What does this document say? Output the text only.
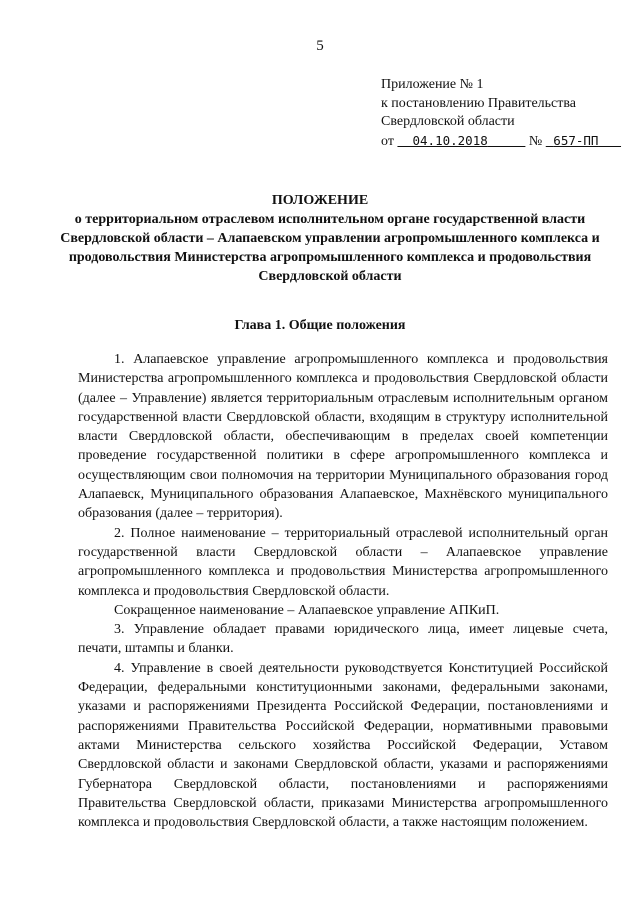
5
Приложение № 1
к постановлению Правительства
Свердловской области
от 04.10.2018	№ 657-ПП
ПОЛОЖЕНИЕ
о территориальном отраслевом исполнительном органе государственной власти Свердловской области – Алапаевском управлении агропромышленного комплекса и продовольствия Министерства агропромышленного комплекса и продовольствия Свердловской области
Глава 1. Общие положения

1. Алапаевское управление агропромышленного комплекса и продовольствия Министерства агропромышленного комплекса и продовольствия Свердловской области (далее – Управление) является территориальным отраслевым исполнительным органом государственной власти Свердловской области, входящим в структуру исполнительной власти Свердловской области, обеспечивающим в пределах своей компетенции проведение государственной политики в сфере агропромышленного комплекса и осуществляющим свои полномочия на территории Муниципального образования город Алапаевск, Муниципального образования Алапаевское, Махнёвского муниципального образования (далее – территория).

2. Полное наименование – территориальный отраслевой исполнительный орган государственной власти Свердловской области – Алапаевское управление агропромышленного комплекса и продовольствия Министерства агропромышленного комплекса и продовольствия Свердловской области.

Сокращенное наименование – Алапаевское управление АПКиП.

3. Управление обладает правами юридического лица, имеет лицевые счета, печати, штампы и бланки.

4. Управление в своей деятельности руководствуется Конституцией Российской Федерации, федеральными конституционными законами, федеральными законами, указами и распоряжениями Президента Российской Федерации, постановлениями и распоряжениями Правительства Российской Федерации, нормативными правовыми актами Министерства сельского хозяйства Российской Федерации, Уставом Свердловской области и законами Свердловской области, указами и распоряжениями Губернатора Свердловской области, постановлениями и распоряжениями Правительства Свердловской области, приказами Министерства агропромышленного комплекса и продовольствия Свердловской области, а также настоящим положением.
